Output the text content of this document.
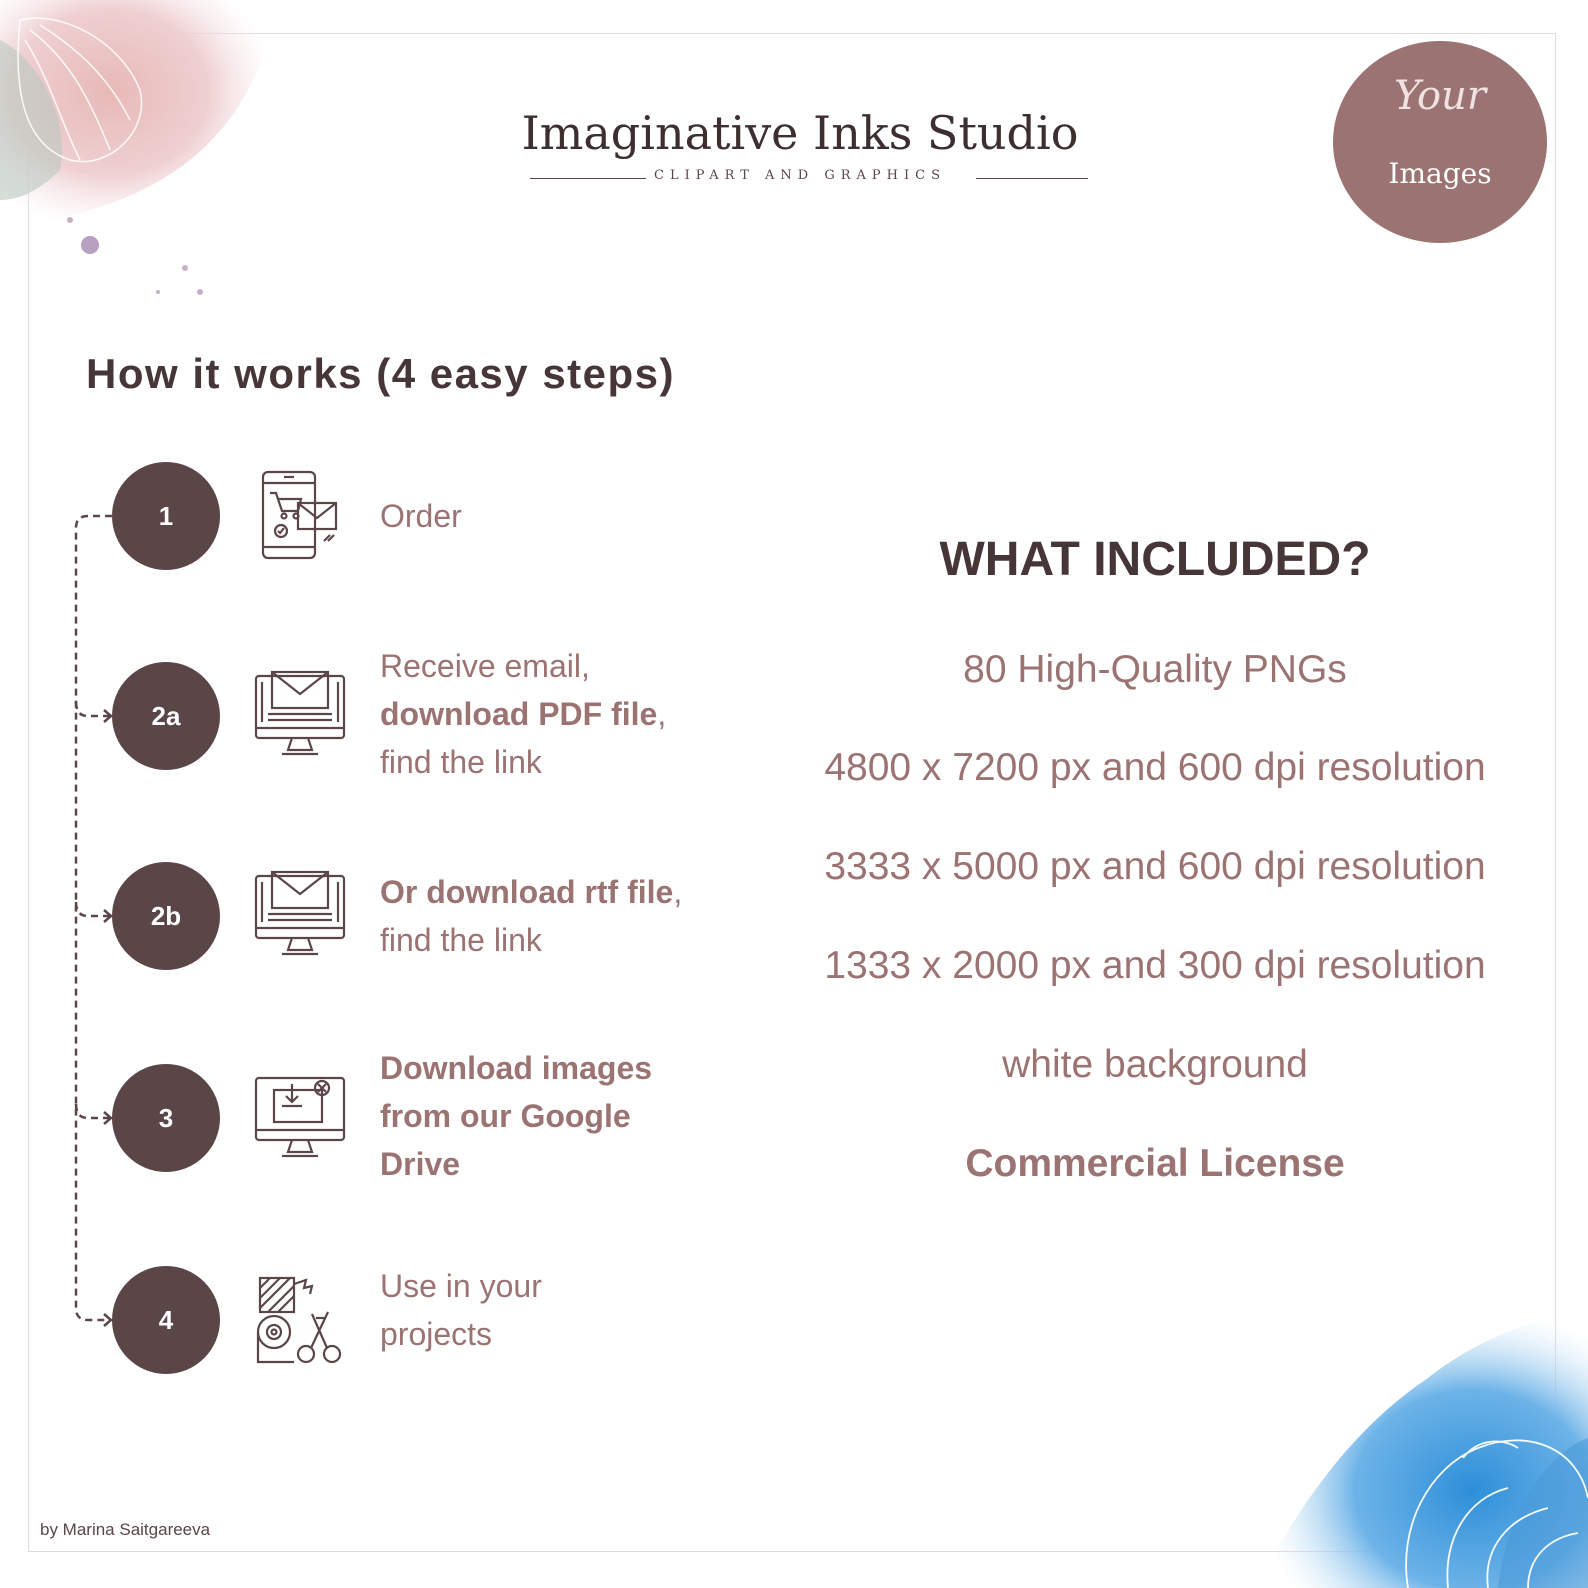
Imaginative Inks Studio
CLIPART AND GRAPHICS
Your
Images
How it works (4 easy steps)
1	Order
2a
Receive email,
download PDF file,
find the link
2b
Or download rtf file,
find the link
3
Download images
from our Google
Drive
4
Use in your
projects
WHAT INCLUDED?
80 High-Quality PNGs
4800 x 7200 px and 600 dpi resolution
3333 x 5000 px and 600 dpi resolution
1333 x 2000 px and 300 dpi resolution
white background
Commercial License
by Marina Saitgareeva
